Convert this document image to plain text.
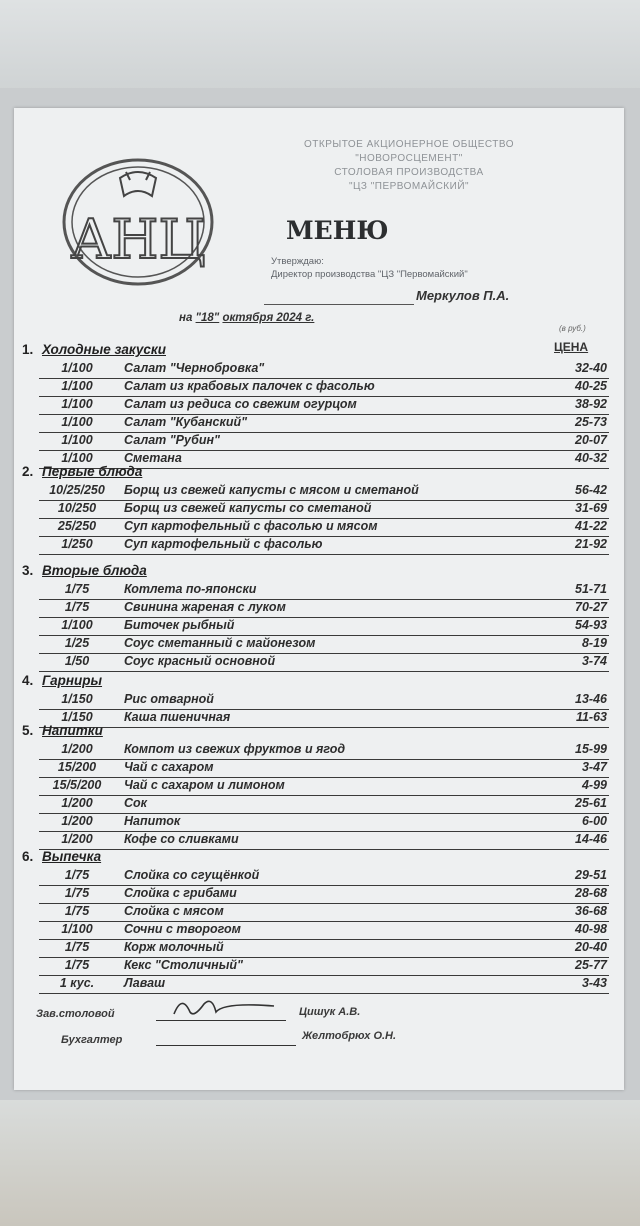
АНЦ
ОТКРЫТОЕ АКЦИОНЕРНОЕ ОБЩЕСТВО
"НОВОРОСЦЕМЕНТ"
СТОЛОВАЯ ПРОИЗВОДСТВА
"ЦЗ "ПЕРВОМАЙСКИЙ"
МЕНЮ
Утверждаю:
Директор производства "ЦЗ "Первомайский"
Меркулов П.А.
на "18" октября 2024 г.
(в руб.)
ЦЕНА
1. Холодные закуски
1/100	Салат "Чернобровка"	32-40
1/100	Салат из крабовых палочек с фасолью	40-25
1/100	Салат из редиса со свежим огурцом	38-92
1/100	Салат "Кубанский"	25-73
1/100	Салат "Рубин"	20-07
1/100	Сметана	40-32
2. Первые блюда
10/25/250	Борщ из свежей капусты с мясом и сметаной	56-42
10/250	Борщ из свежей капусты со сметаной	31-69
25/250	Суп картофельный с фасолью и мясом	41-22
1/250	Суп картофельный с фасолью	21-92
3. Вторые блюда
1/75	Котлета по-японски	51-71
1/75	Свинина жареная с луком	70-27
1/100	Биточек рыбный	54-93
1/25	Соус сметанный с майонезом	8-19
1/50	Соус красный основной	3-74
4. Гарниры
1/150	Рис отварной	13-46
1/150	Каша пшеничная	11-63
5. Напитки
1/200	Компот из свежих фруктов и ягод	15-99
15/200	Чай с сахаром	3-47
15/5/200	Чай с сахаром и лимоном	4-99
1/200	Сок	25-61
1/200	Напиток	6-00
1/200	Кофе со сливками	14-46
6. Выпечка
1/75	Слойка со сгущёнкой	29-51
1/75	Слойка с грибами	28-68
1/75	Слойка с мясом	36-68
1/100	Сочни с творогом	40-98
1/75	Корж молочный	20-40
1/75	Кекс "Столичный"	25-77
1 кус.	Лаваш	3-43
Зав.столовой	Цишук А.В.
Бухгалтер	Желтобрюх О.Н.
